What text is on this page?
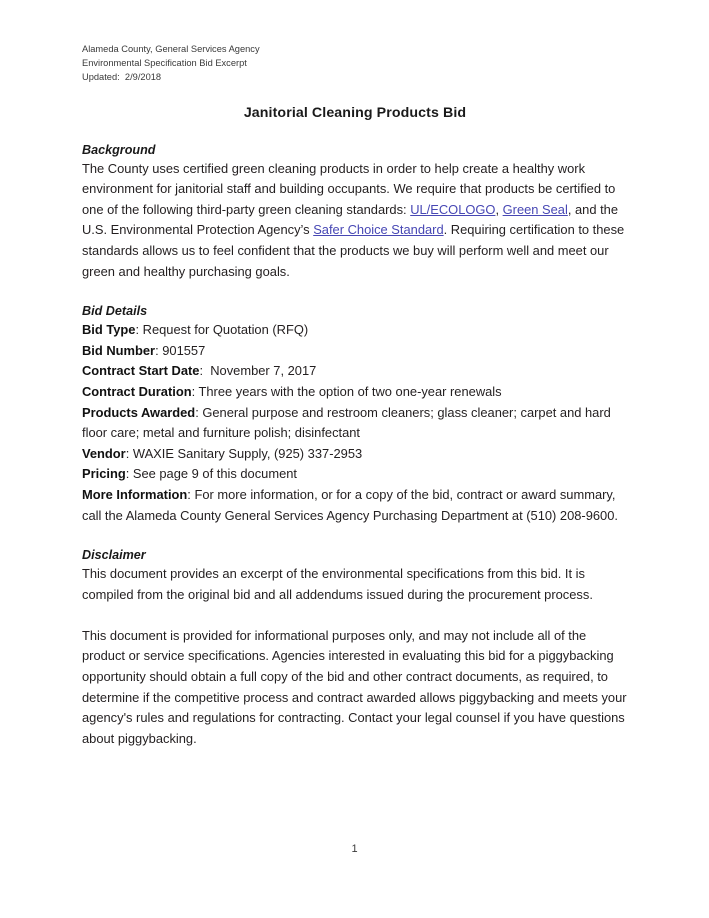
Alameda County, General Services Agency
Environmental Specification Bid Excerpt
Updated:  2/9/2018
Janitorial Cleaning Products Bid
Background

The County uses certified green cleaning products in order to help create a healthy work environment for janitorial staff and building occupants. We require that products be certified to one of the following third-party green cleaning standards: UL/ECOLOGO, Green Seal, and the U.S. Environmental Protection Agency’s Safer Choice Standard. Requiring certification to these standards allows us to feel confident that the products we buy will perform well and meet our green and healthy purchasing goals.

Bid Details
Bid Type: Request for Quotation (RFQ)
Bid Number: 901557
Contract Start Date:  November 7, 2017
Contract Duration: Three years with the option of two one-year renewals
Products Awarded: General purpose and restroom cleaners; glass cleaner; carpet and hard floor care; metal and furniture polish; disinfectant
Vendor: WAXIE Sanitary Supply, (925) 337-2953
Pricing: See page 9 of this document
More Information: For more information, or for a copy of the bid, contract or award summary, call the Alameda County General Services Agency Purchasing Department at (510) 208-9600.
Disclaimer

This document provides an excerpt of the environmental specifications from this bid. It is compiled from the original bid and all addendums issued during the procurement process.

This document is provided for informational purposes only, and may not include all of the product or service specifications. Agencies interested in evaluating this bid for a piggybacking opportunity should obtain a full copy of the bid and other contract documents, as required, to determine if the competitive process and contract awarded allows piggybacking and meets your agency's rules and regulations for contracting. Contact your legal counsel if you have questions about piggybacking.

1
